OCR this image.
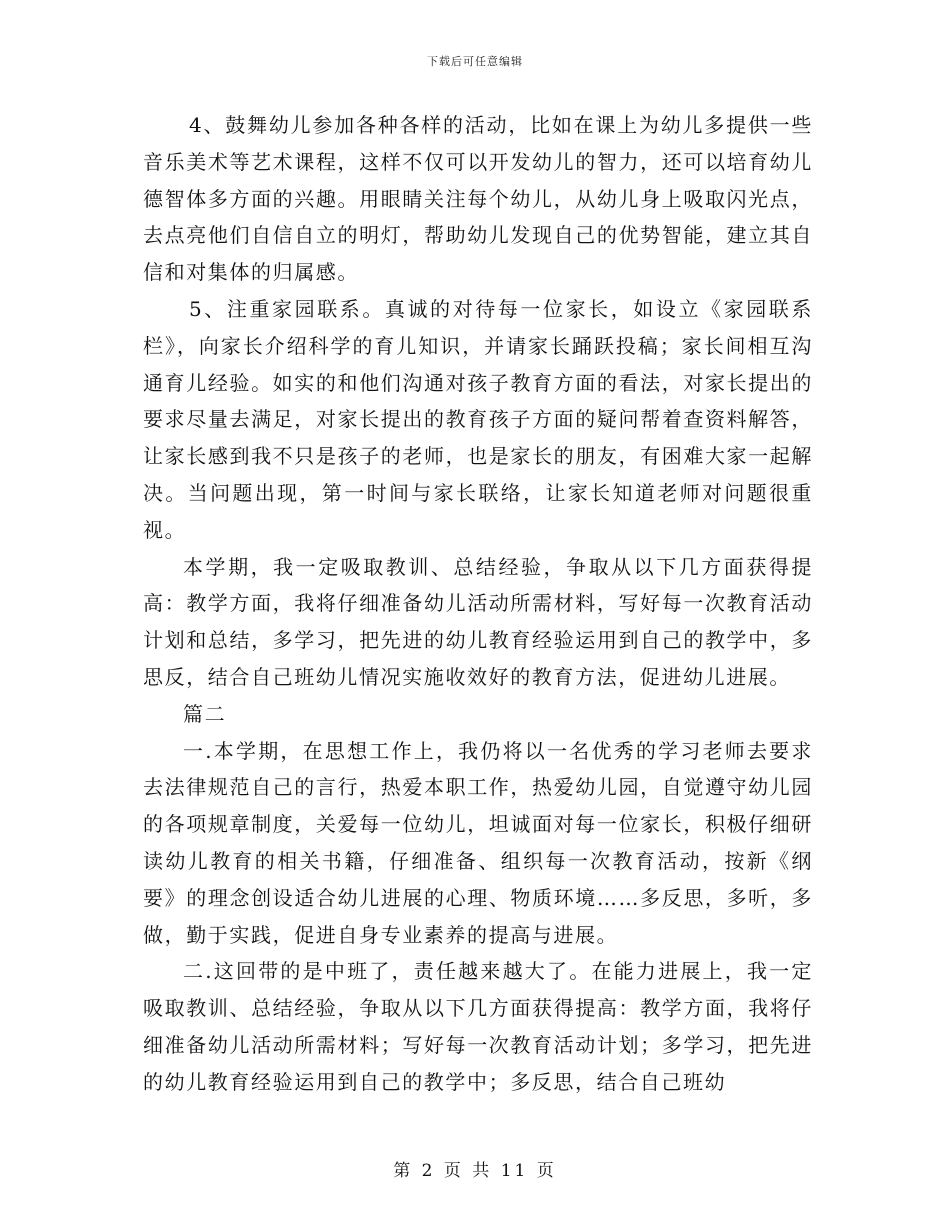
下载后可任意编辑

4、鼓舞幼儿参加各种各样的活动，比如在课上为幼儿多提供一些音乐美术等艺术课程，这样不仅可以开发幼儿的智力，还可以培育幼儿德智体多方面的兴趣。用眼睛关注每个幼儿，从幼儿身上吸取闪光点，去点亮他们自信自立的明灯，帮助幼儿发现自己的优势智能，建立其自信和对集体的归属感。

5、注重家园联系。真诚的对待每一位家长，如设立《家园联系栏》，向家长介绍科学的育儿知识，并请家长踊跃投稿；家长间相互沟通育儿经验。如实的和他们沟通对孩子教育方面的看法，对家长提出的要求尽量去满足，对家长提出的教育孩子方面的疑问帮着查资料解答，让家长感到我不只是孩子的老师，也是家长的朋友，有困难大家一起解决。当问题出现，第一时间与家长联络，让家长知道老师对问题很重视。

本学期，我一定吸取教训、总结经验，争取从以下几方面获得提高：教学方面，我将仔细准备幼儿活动所需材料，写好每一次教育活动计划和总结，多学习，把先进的幼儿教育经验运用到自己的教学中，多思反，结合自己班幼儿情况实施收效好的教育方法，促进幼儿进展。

篇二

一.本学期，在思想工作上，我仍将以一名优秀的学习老师去要求去法律规范自己的言行，热爱本职工作，热爱幼儿园，自觉遵守幼儿园的各项规章制度，关爱每一位幼儿，坦诚面对每一位家长，积极仔细研读幼儿教育的相关书籍，仔细准备、组织每一次教育活动，按新《纲要》的理念创设适合幼儿进展的心理、物质环境……多反思，多听，多做，勤于实践，促进自身专业素养的提高与进展。

二.这回带的是中班了，责任越来越大了。在能力进展上，我一定吸取教训、总结经验，争取从以下几方面获得提高：教学方面，我将仔细准备幼儿活动所需材料；写好每一次教育活动计划；多学习，把先进的幼儿教育经验运用到自己的教学中；多反思，结合自己班幼

第 2 页 共 11 页
